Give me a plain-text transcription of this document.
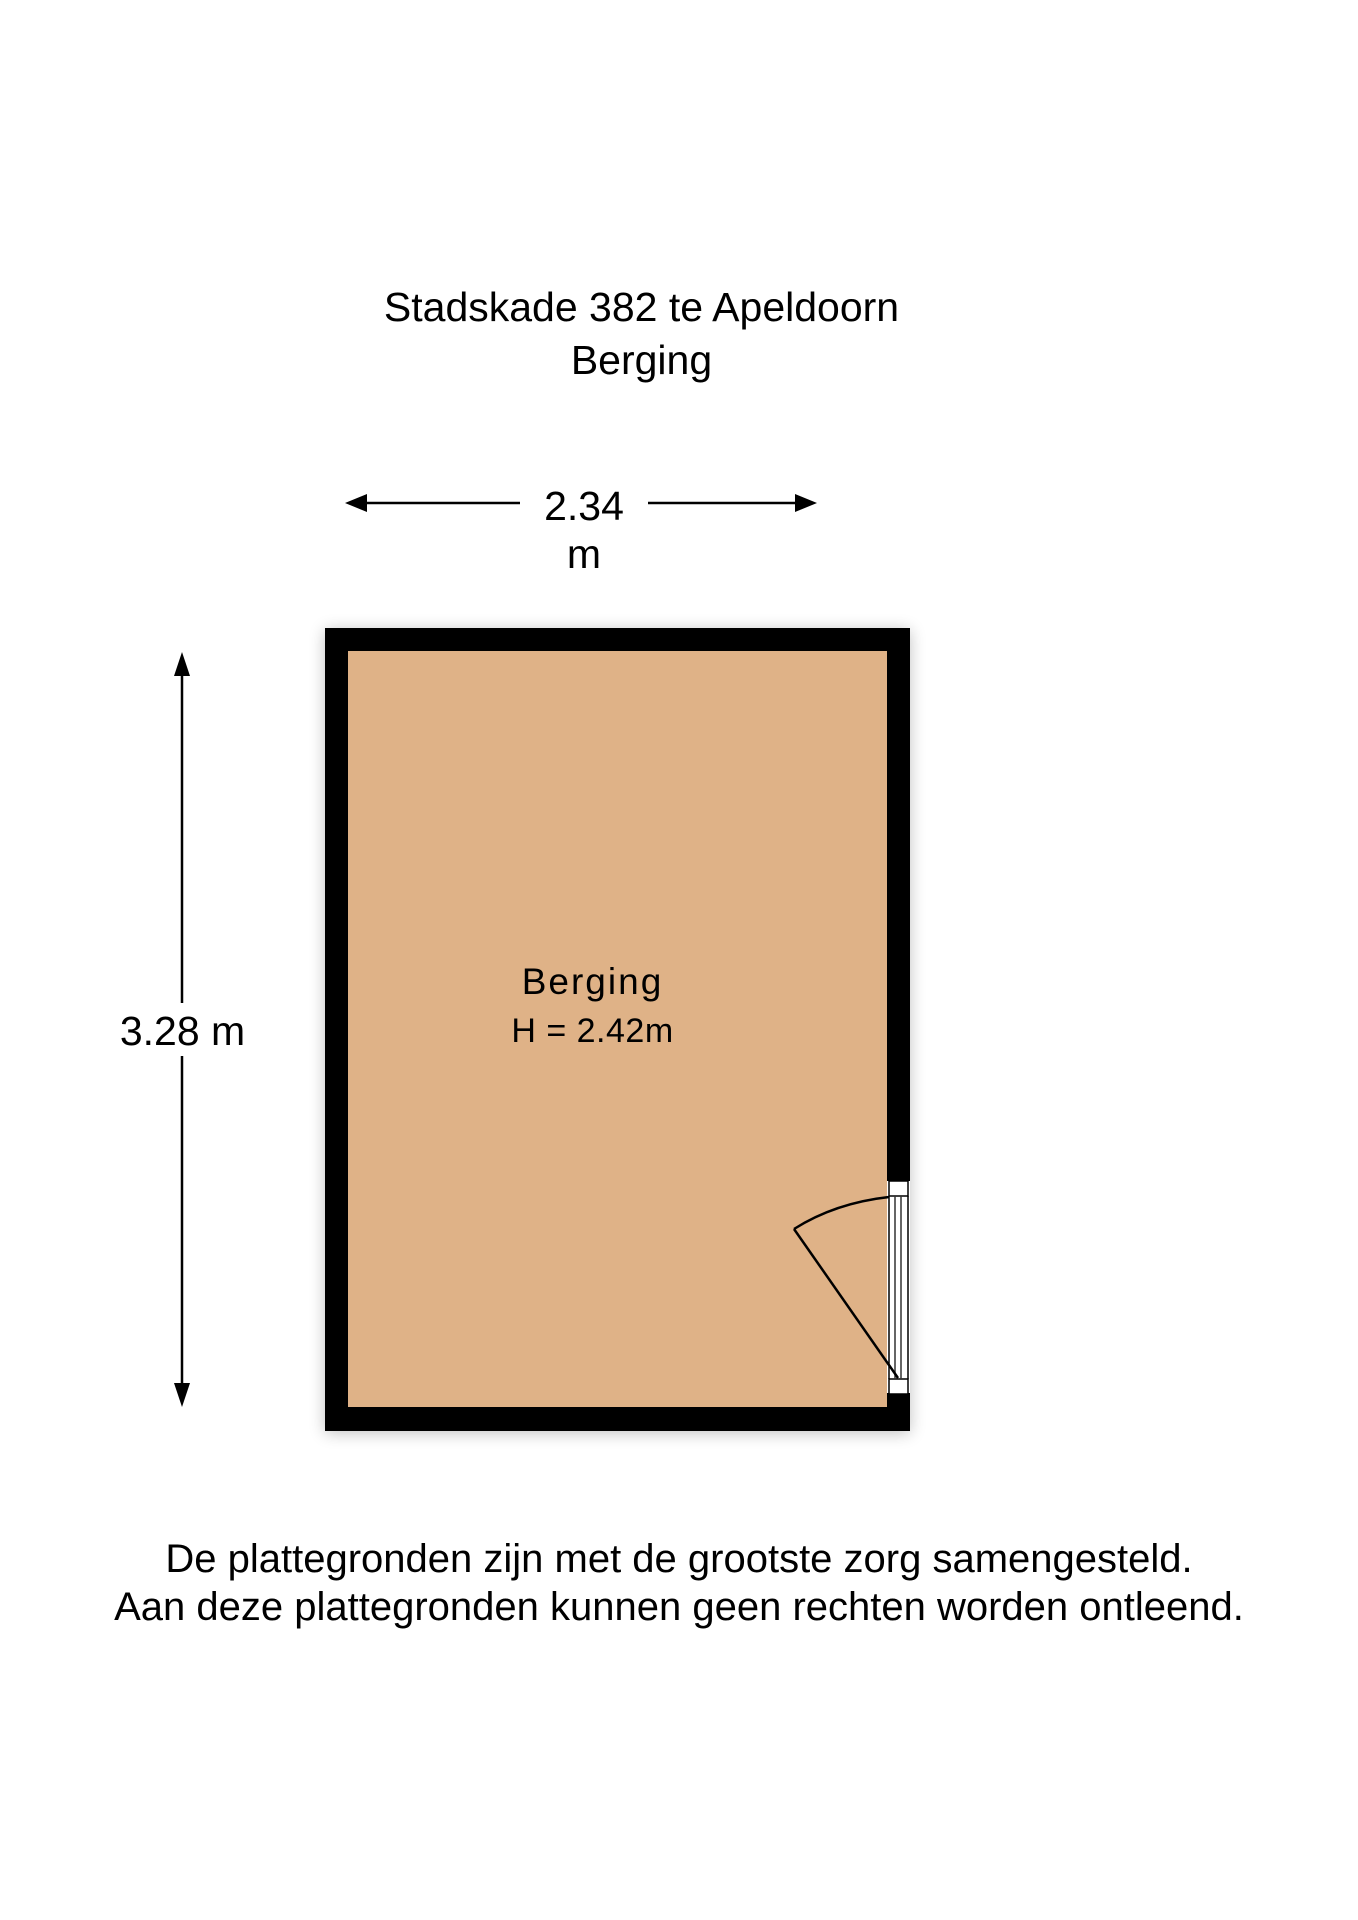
Stadskade 382 te Apeldoorn
Berging
2.34 m
3.28 m
Berging
H = 2.42m
De plattegronden zijn met de grootste zorg samengesteld.
Aan deze plattegronden kunnen geen rechten worden ontleend.
